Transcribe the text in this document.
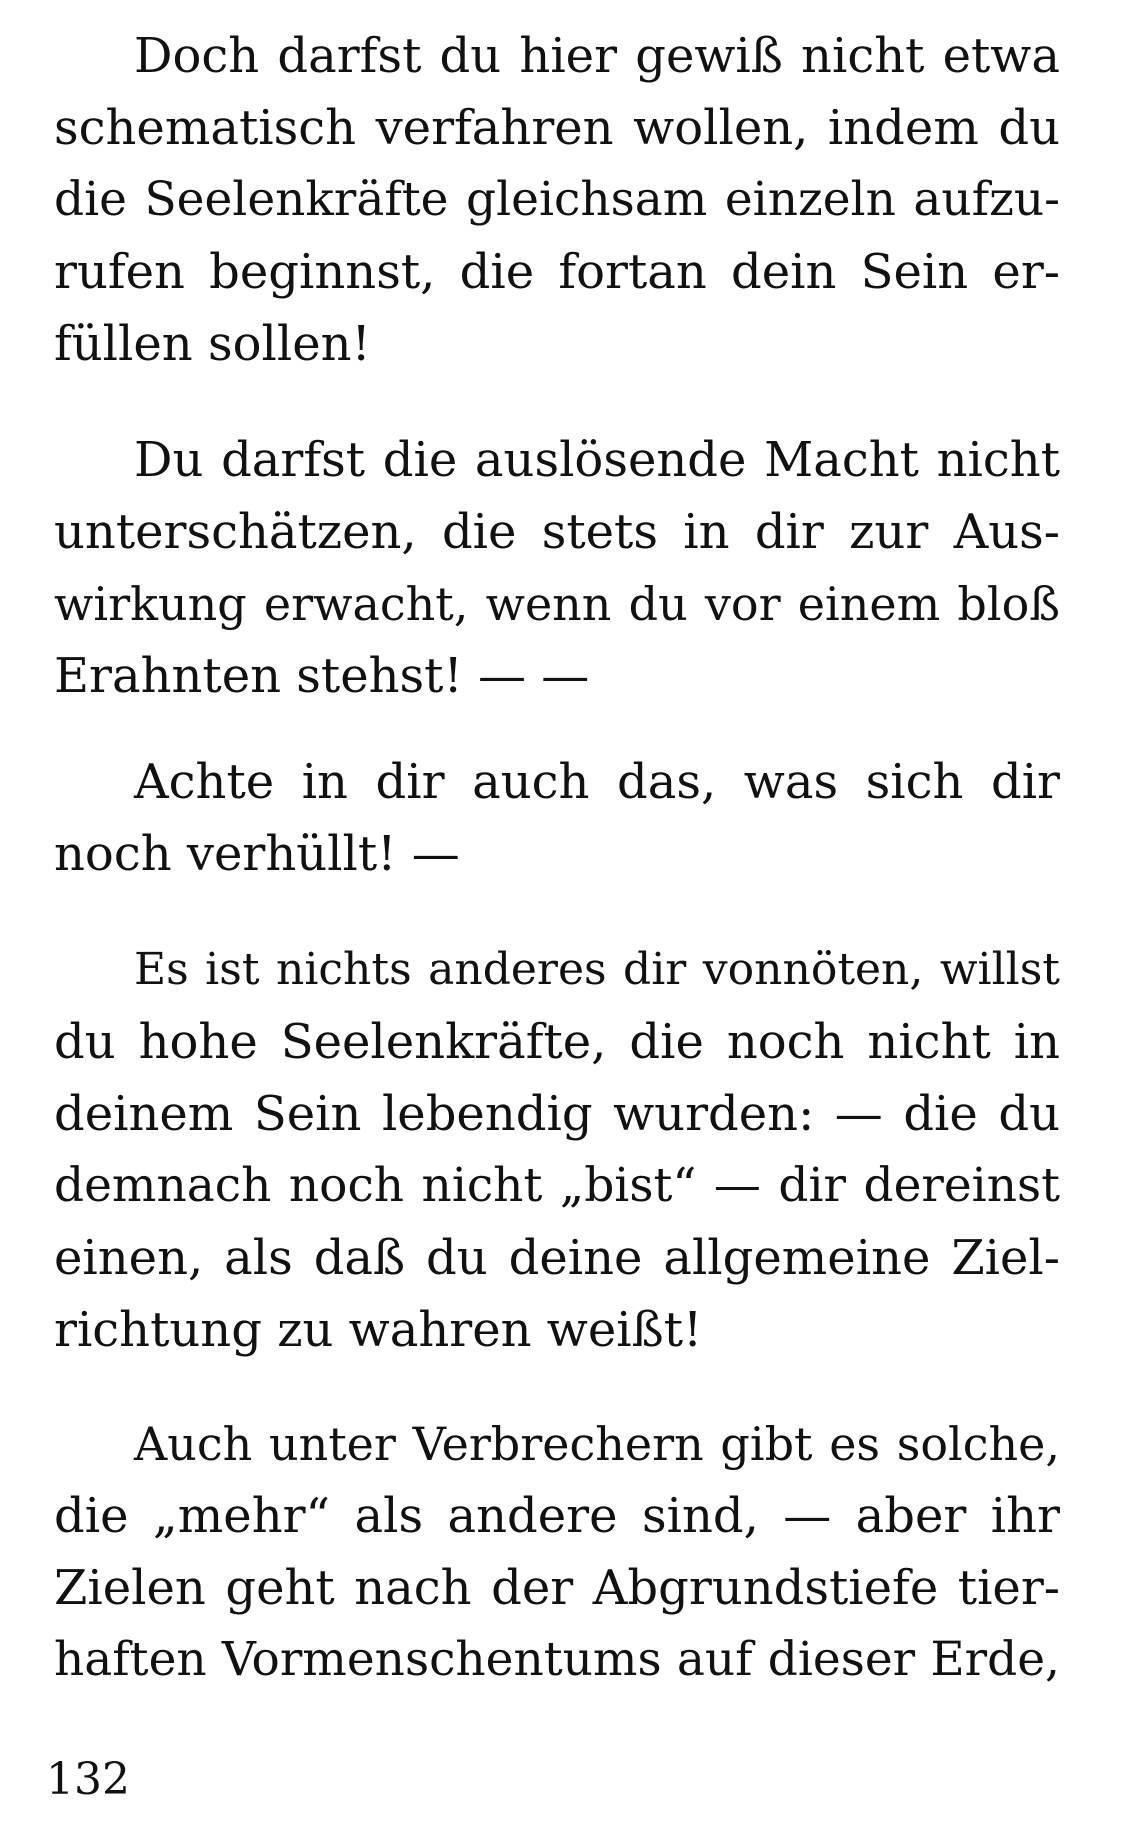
Doch darfst du hier gewiß nicht etwa
schematisch verfahren wollen, indem du
die Seelenkräfte gleichsam einzeln aufzu-
rufen beginnst, die fortan dein Sein er-
füllen sollen!
Du darfst die auslösende Macht nicht
unterschätzen, die stets in dir zur Aus-
wirkung erwacht, wenn du vor einem bloß
Erahnten stehst! — —
Achte in dir auch das, was sich dir
noch verhüllt! —
Es ist nichts anderes dir vonnöten, willst
du hohe Seelenkräfte, die noch nicht in
deinem Sein lebendig wurden: — die du
demnach noch nicht „bist“ — dir dereinst
einen, als daß du deine allgemeine Ziel-
richtung zu wahren weißt!
Auch unter Verbrechern gibt es solche,
die „mehr“ als andere sind, — aber ihr
Zielen geht nach der Abgrundstiefe tier-
haften Vormenschentums auf dieser Erde,
132
